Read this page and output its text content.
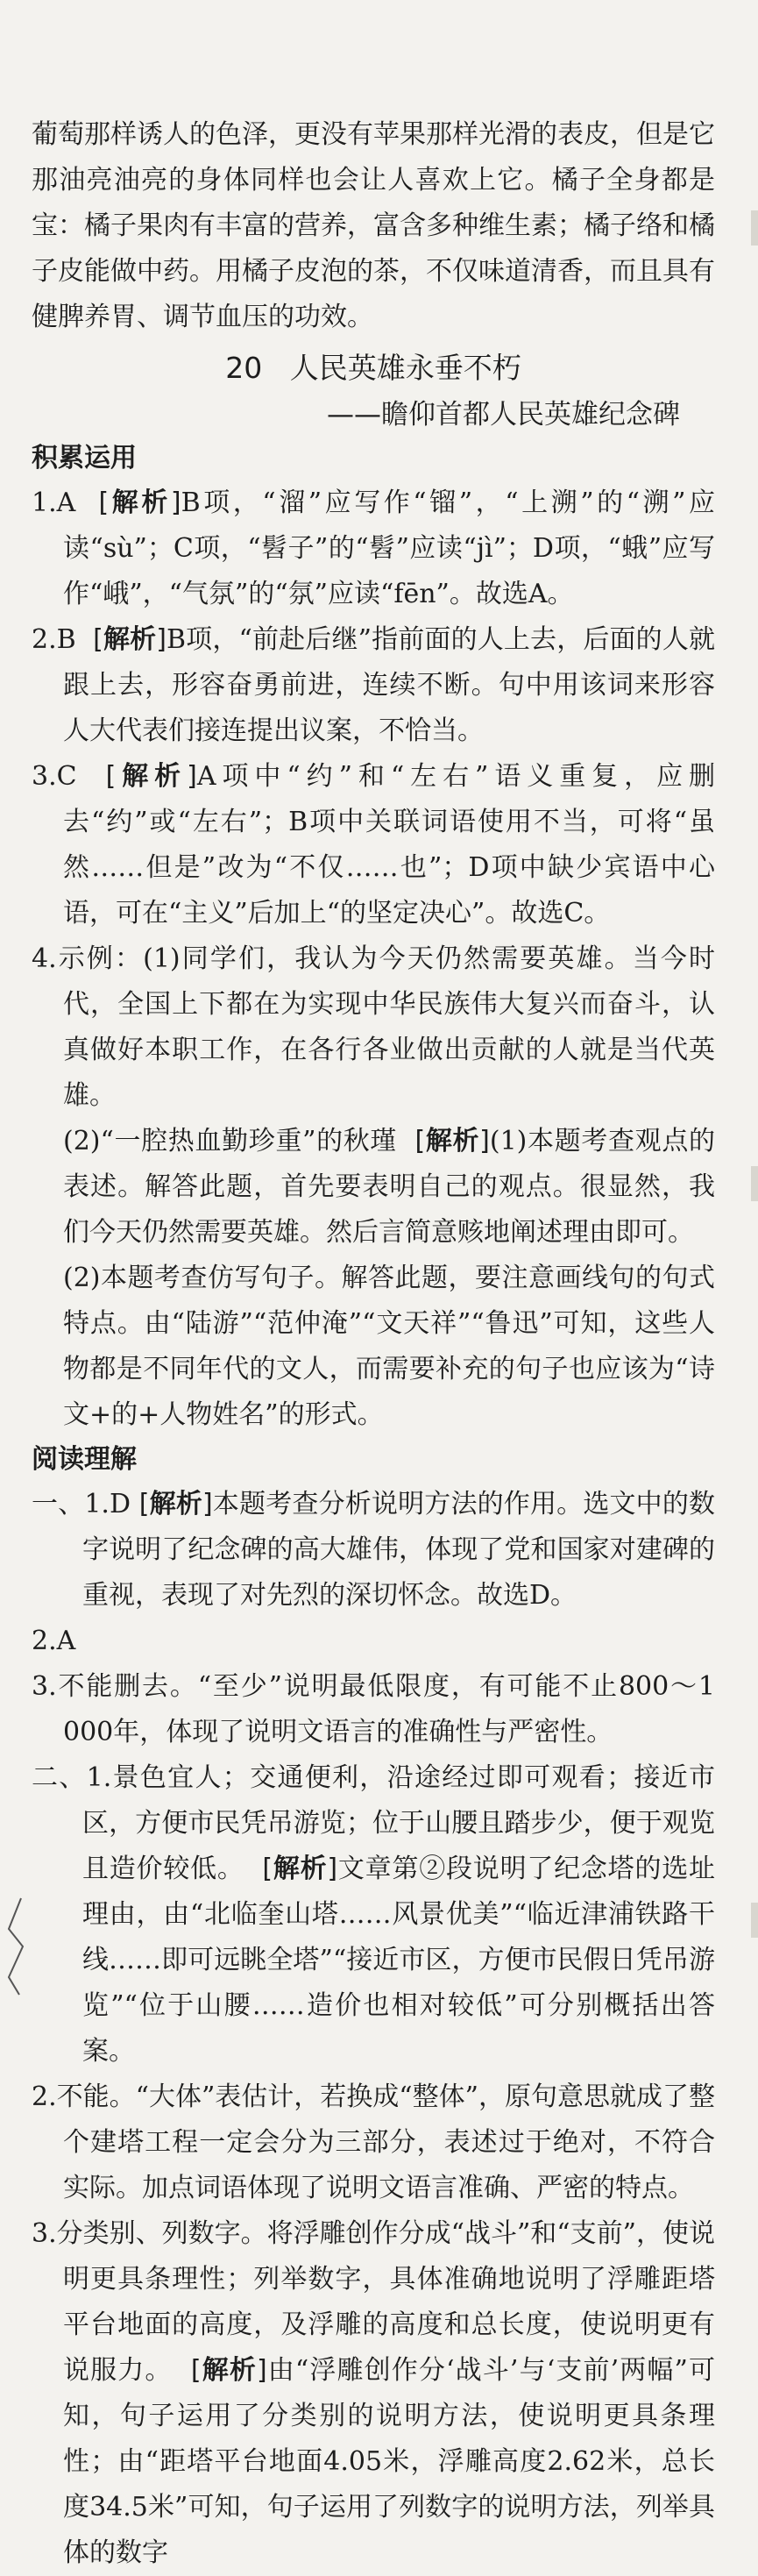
葡萄那样诱人的色泽，更没有苹果那样光滑的表皮，但是它那油亮油亮的身体同样也会让人喜欢上它。橘子全身都是宝：橘子果肉有丰富的营养，富含多种维生素；橘子络和橘子皮能做中药。用橘子皮泡的茶，不仅味道清香，而且具有健脾养胃、调节血压的功效。

20 人民英雄永垂不朽
——瞻仰首都人民英雄纪念碑

积累运用

1.A [ 解析 ] B项，“溜”应写作“镏”，“上溯”的“溯”应读“sù”；C项，“髫子”的“髫”应读“jì”；D项，“蛾”应写作“峨”，“气氛”的“氛”应读“fēn”。故选A。

2.B [ 解析 ] B项，“前赴后继”指前面的人上去，后面的人就跟上去，形容奋勇前进，连续不断。句中用该词来形容人大代表们接连提出议案，不恰当。

3.C [ 解析 ] A项中“约”和“左右”语义重复，应删去“约”或“左右”；B项中关联词语使用不当，可将“虽然……但是”改为“不仅……也”；D项中缺少宾语中心语，可在“主义”后加上“的坚定决心”。故选C。

4.示例：(1)同学们，我认为今天仍然需要英雄。当今时代，全国上下都在为实现中华民族伟大复兴而奋斗，认真做好本职工作，在各行各业做出贡献的人就是当代英雄。

(2)“一腔热血勤珍重”的秋瑾 [ 解析 ] (1)本题考查观点的表述。解答此题，首先要表明自己的观点。很显然，我们今天仍然需要英雄。然后言简意赅地阐述理由即可。

(2)本题考查仿写句子。解答此题，要注意画线句的句式特点。由“陆游”“范仲淹”“文天祥”“鲁迅”可知，这些人物都是不同年代的文人，而需要补充的句子也应该为“诗文+的+人物姓名”的形式。

阅读理解

一、1.D [ 解析 ] 本题考查分析说明方法的作用。选文中的数字说明了纪念碑的高大雄伟，体现了党和国家对建碑的重视，表现了对先烈的深切怀念。故选D。

2.A

3.不能删去。“至少”说明最低限度，有可能不止800～1 000年，体现了说明文语言的准确性与严密性。

二、1.景色宜人；交通便利，沿途经过即可观看；接近市区，方便市民凭吊游览；位于山腰且踏步少，便于观览且造价较低。 [ 解析 ] 文章第②段说明了纪念塔的选址理由，由“北临奎山塔……风景优美”“临近津浦铁路干线……即可远眺全塔”“接近市区，方便市民假日凭吊游览”“位于山腰……造价也相对较低”可分别概括出答案。

2.不能。“大体”表估计，若换成“整体”，原句意思就成了整个建塔工程一定会分为三部分，表述过于绝对，不符合实际。加点词语体现了说明文语言准确、严密的特点。

3.分类别、列数字。将浮雕创作分成“战斗”和“支前”，使说明更具条理性；列举数字，具体准确地说明了浮雕距塔平台地面的高度，及浮雕的高度和总长度，使说明更有说服力。 [ 解析 ] 由“浮雕创作分‘战斗’与‘支前’两幅”可知，句子运用了分类别的说明方法，使说明更具条理性；由“距塔平台地面4.05米，浮雕高度2.62米，总长度34.5米”可知，句子运用了列数字的说明方法，列举具体的数字
